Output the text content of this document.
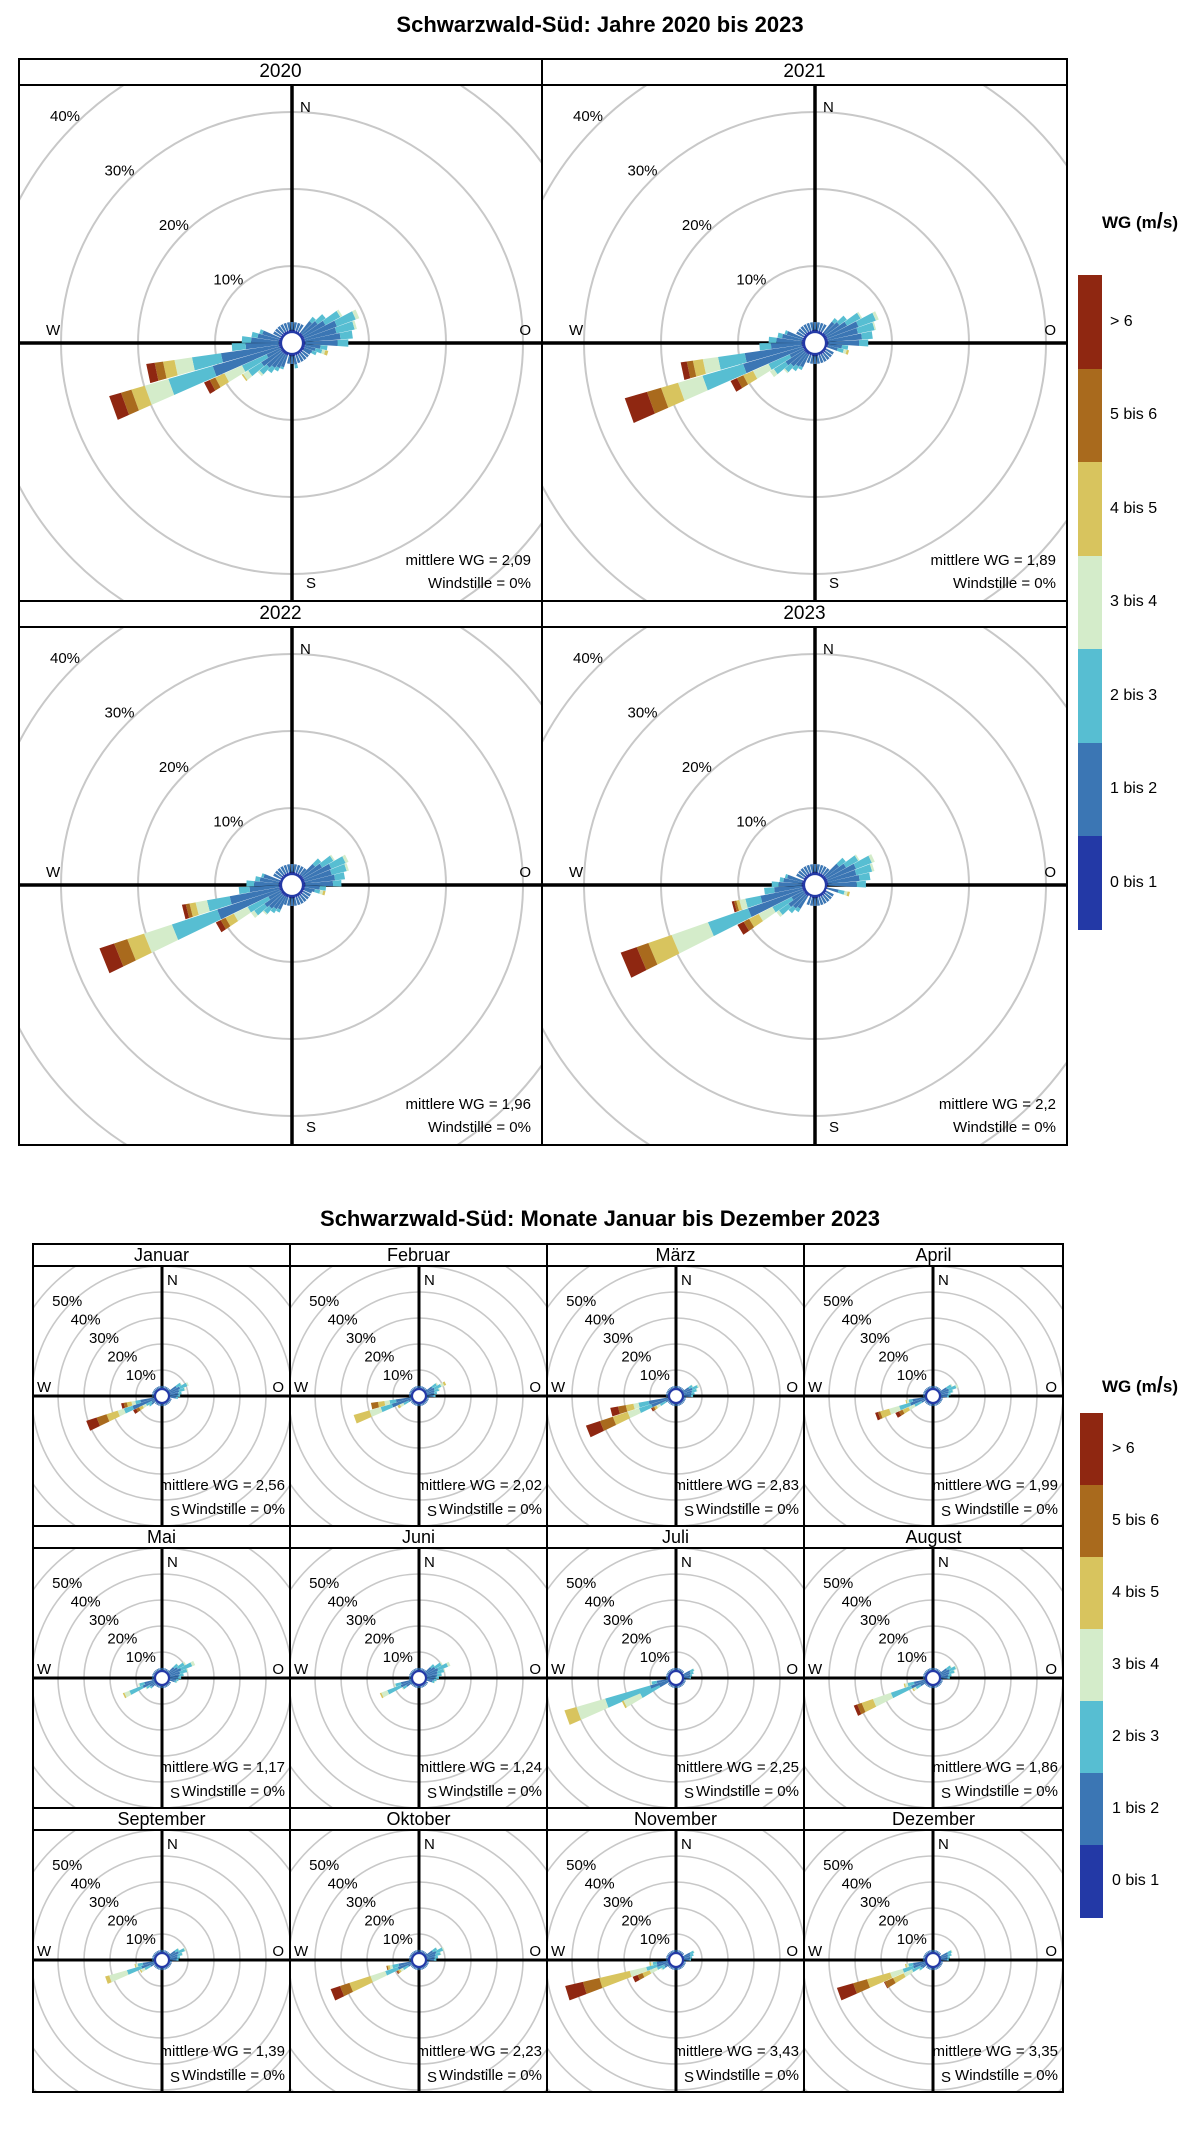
Schwarzwald-Süd: Jahre 2020 bis 2023
2020	2021
10%
20%
30%
40%
N
S
W	O
mittlere WG = 2,09
Windstille = 0%
10%
20%
30%
40%
N
S
W	O
mittlere WG = 1,89
Windstille = 0%
2022	2023
10%
20%
30%
40%
N
S
W	O
mittlere WG = 1,96
Windstille = 0%
10%
20%
30%
40%
N
S
W	O
mittlere WG = 2,2
Windstille = 0%
WG (m/s)
> 6
5 bis 6
4 bis 5
3 bis 4
2 bis 3
1 bis 2
0 bis 1
Schwarzwald-Süd: Monate Januar bis Dezember 2023
Januar	Februar	März	April
10%
20%
30%
40%
50%
N
S
W	O
mittlere WG = 2,56
Windstille = 0%
10%
20%
30%
40%
50%
N
S
W	O
mittlere WG = 2,02
Windstille = 0%
10%
20%
30%
40%
50%
N
S
W	O
mittlere WG = 2,83
Windstille = 0%
10%
20%
30%
40%
50%
N
S
W	O
mittlere WG = 1,99
Windstille = 0%
Mai	Juni	Juli	August
10%
20%
30%
40%
50%
N
S
W	O
mittlere WG = 1,17
Windstille = 0%
10%
20%
30%
40%
50%
N
S
W	O
mittlere WG = 1,24
Windstille = 0%
10%
20%
30%
40%
50%
N
S
W	O
mittlere WG = 2,25
Windstille = 0%
10%
20%
30%
40%
50%
N
S
W	O
mittlere WG = 1,86
Windstille = 0%
September	Oktober	November	Dezember
10%
20%
30%
40%
50%
N
S
W	O
mittlere WG = 1,39
Windstille = 0%
10%
20%
30%
40%
50%
N
S
W	O
mittlere WG = 2,23
Windstille = 0%
10%
20%
30%
40%
50%
N
S
W	O
mittlere WG = 3,43
Windstille = 0%
10%
20%
30%
40%
50%
N
S
W	O
mittlere WG = 3,35
Windstille = 0%
WG (m/s)
> 6
5 bis 6
4 bis 5
3 bis 4
2 bis 3
1 bis 2
0 bis 1
